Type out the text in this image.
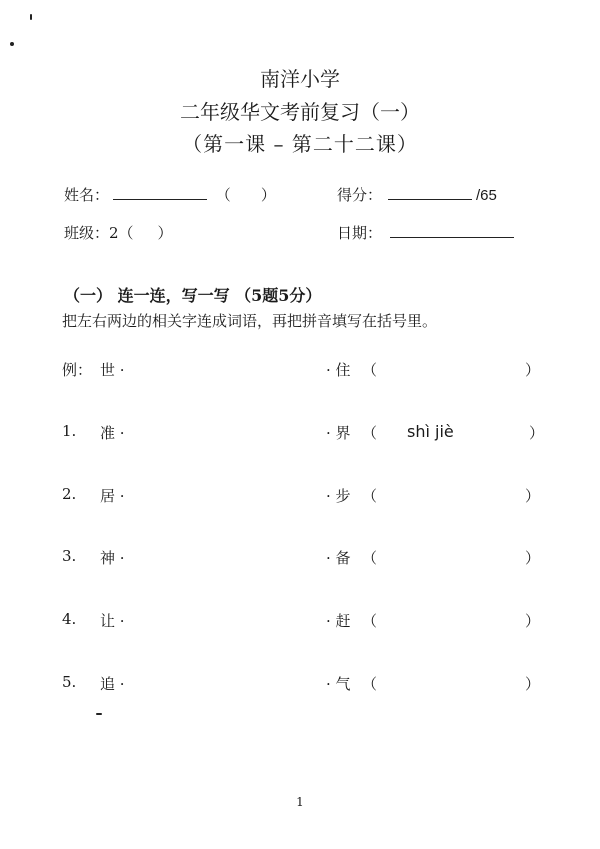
南洋小学
二年级华文考前复习（一）
（第一课 – 第二十二课）
姓名：	（ ）	得分：	/65
班级：2（ ）	日期：
（一） 连一连，写一写 （5题5分）
把左右两边的相关字连成词语，再把拼音填写在括号里。
例： 世 ·	· 住 （	）
1. 准 ·	· 界 （ shì jiè	）
2. 居 ·	· 步 （	）
3. 神 ·	· 备 （	）
4. 让 ·	· 赶 （	）
5. 追 ·	· 气 （	）
1
